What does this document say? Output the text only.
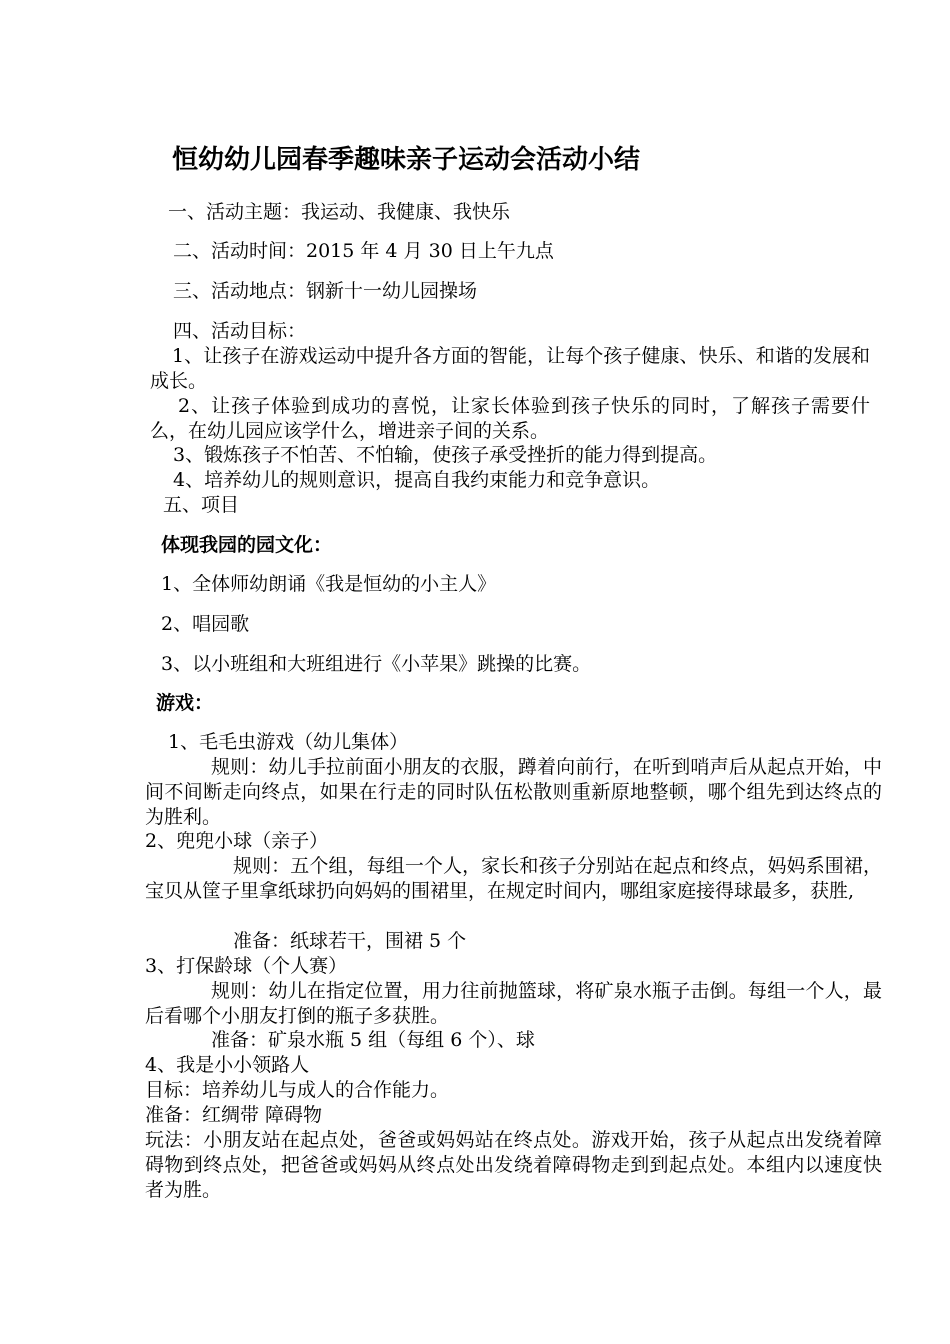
恒幼幼儿园春季趣味亲子运动会活动小结
一、活动主题：我运动、我健康、我快乐
二、活动时间：2015 年 4 月 30 日上午九点
三、活动地点：钢新十一幼儿园操场
四、活动目标：
1、让孩子在游戏运动中提升各方面的智能，让每个孩子健康、快乐、和谐的发展和成长。
2、让孩子体验到成功的喜悦，让家长体验到孩子快乐的同时，了解孩子需要什么，在幼儿园应该学什么，增进亲子间的关系。
3、锻炼孩子不怕苦、不怕输，使孩子承受挫折的能力得到提高。
4、培养幼儿的规则意识，提高自我约束能力和竞争意识。
五、项目
体现我园的园文化：
1、全体师幼朗诵《我是恒幼的小主人》
2、唱园歌
3、以小班组和大班组进行《小苹果》跳操的比赛。
游戏：
1、毛毛虫游戏（幼儿集体）
规则：幼儿手拉前面小朋友的衣服，蹲着向前行，在听到哨声后从起点开始，中间不间断走向终点，如果在行走的同时队伍松散则重新原地整顿，哪个组先到达终点的为胜利。
2、兜兜小球（亲子）
规则：五个组，每组一个人，家长和孩子分别站在起点和终点，妈妈系围裙，宝贝从筐子里拿纸球扔向妈妈的围裙里，在规定时间内，哪组家庭接得球最多，获胜,
准备：纸球若干，围裙 5 个
3、打保龄球（个人赛）
规则：幼儿在指定位置，用力往前抛篮球，将矿泉水瓶子击倒。每组一个人，最后看哪个小朋友打倒的瓶子多获胜。
准备：矿泉水瓶 5 组（每组 6 个）、球
4、我是小小领路人
目标：培养幼儿与成人的合作能力。
准备：红绸带 障碍物
玩法：小朋友站在起点处，爸爸或妈妈站在终点处。游戏开始，孩子从起点出发绕着障碍物到终点处，把爸爸或妈妈从终点处出发绕着障碍物走到到起点处。本组内以速度快者为胜。
